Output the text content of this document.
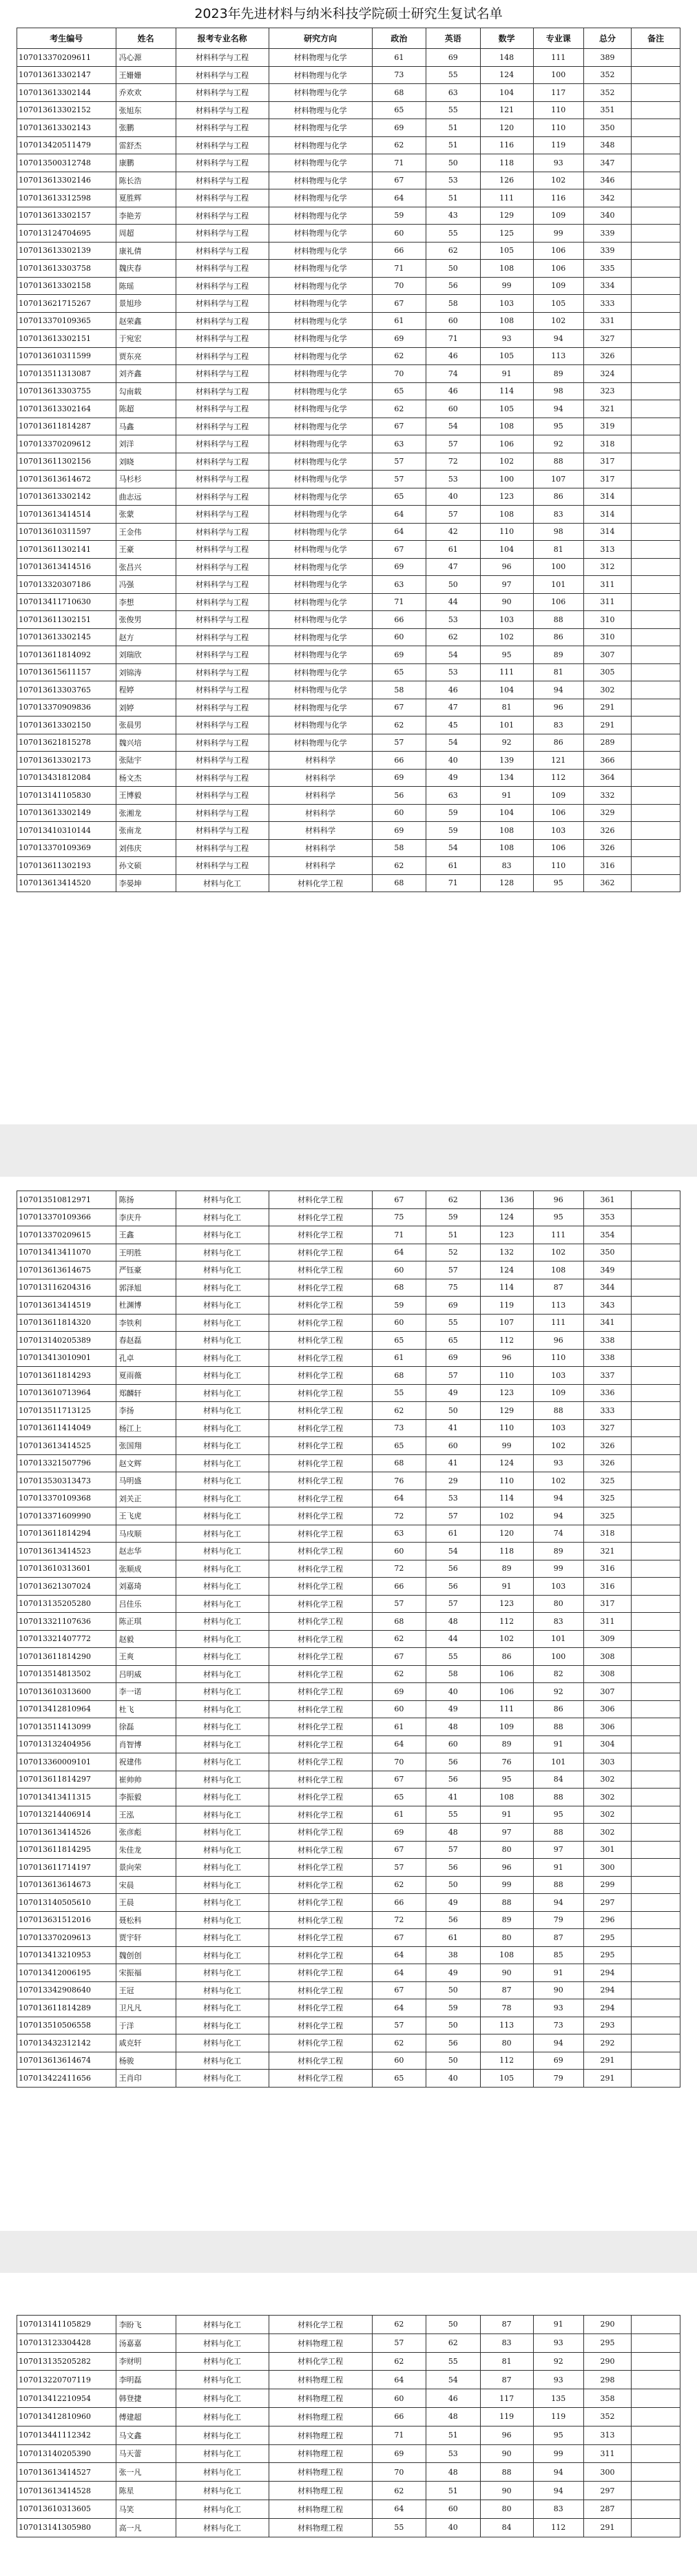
2023年先进材料与纳米科技学院硕士研究生复试名单
考生编号	姓名	报考专业名称	研究方向	政治	英语	数学	专业课	总分	备注
107013370209611	冯心源	材料科学与工程	材料物理与化学	61	69	148	111	389	
107013613302147	王姗姗	材料科学与工程	材料物理与化学	73	55	124	100	352	
107013613302144	乔欢欢	材料科学与工程	材料物理与化学	68	63	104	117	352	
107013613302152	张旭东	材料科学与工程	材料物理与化学	65	55	121	110	351	
107013613302143	张鹏	材料科学与工程	材料物理与化学	69	51	120	110	350	
107013420511479	雷舒杰	材料科学与工程	材料物理与化学	62	51	116	119	348	
107013500312748	康鹏	材料科学与工程	材料物理与化学	71	50	118	93	347	
107013613302146	陈长浩	材料科学与工程	材料物理与化学	67	53	126	102	346	
107013613312598	夏胜辉	材料科学与工程	材料物理与化学	64	51	111	116	342	
107013613302157	李艳芳	材料科学与工程	材料物理与化学	59	43	129	109	340	
107013124704695	周超	材料科学与工程	材料物理与化学	60	55	125	99	339	
107013613302139	康礼倩	材料科学与工程	材料物理与化学	66	62	105	106	339	
107013613303758	魏庆春	材料科学与工程	材料物理与化学	71	50	108	106	335	
107013613302158	陈瑶	材料科学与工程	材料物理与化学	70	56	99	109	334	
107013621715267	景旭珍	材料科学与工程	材料物理与化学	67	58	103	105	333	
107013370109365	赵荣鑫	材料科学与工程	材料物理与化学	61	60	108	102	331	
107013613302151	于宛宏	材料科学与工程	材料物理与化学	69	71	93	94	327	
107013610311599	贾东亮	材料科学与工程	材料物理与化学	62	46	105	113	326	
107013511313087	刘齐鑫	材料科学与工程	材料物理与化学	70	74	91	89	324	
107013613303755	勾南载	材料科学与工程	材料物理与化学	65	46	114	98	323	
107013613302164	陈超	材料科学与工程	材料物理与化学	62	60	105	94	321	
107013611814287	马鑫	材料科学与工程	材料物理与化学	67	54	108	95	319	
107013370209612	刘洋	材料科学与工程	材料物理与化学	63	57	106	92	318	
107013611302156	刘晓	材料科学与工程	材料物理与化学	57	72	102	88	317	
107013613614672	马杉杉	材料科学与工程	材料物理与化学	57	53	100	107	317	
107013613302142	曲志远	材料科学与工程	材料物理与化学	65	40	123	86	314	
107013613414514	张蒙	材料科学与工程	材料物理与化学	64	57	108	83	314	
107013610311597	王金伟	材料科学与工程	材料物理与化学	64	42	110	98	314	
107013611302141	王豪	材料科学与工程	材料物理与化学	67	61	104	81	313	
107013613414516	张昌兴	材料科学与工程	材料物理与化学	69	47	96	100	312	
107013320307186	冯强	材料科学与工程	材料物理与化学	63	50	97	101	311	
107013411710630	李想	材料科学与工程	材料物理与化学	71	44	90	106	311	
107013611302151	张俊男	材料科学与工程	材料物理与化学	66	53	103	88	310	
107013613302145	赵方	材料科学与工程	材料物理与化学	60	62	102	86	310	
107013611814092	刘瑞欣	材料科学与工程	材料物理与化学	69	54	95	89	307	
107013615611157	刘锦涛	材料科学与工程	材料物理与化学	65	53	111	81	305	
107013613303765	程婷	材料科学与工程	材料物理与化学	58	46	104	94	302	
107013370909836	刘婷	材料科学与工程	材料物理与化学	67	47	81	96	291	
107013613302150	张晨男	材料科学与工程	材料物理与化学	62	45	101	83	291	
107013621815278	魏兴培	材料科学与工程	材料物理与化学	57	54	92	86	289	
107013613302173	张陆宇	材料科学与工程	材料科学	66	40	139	121	366	
107013431812084	杨文杰	材料科学与工程	材料科学	69	49	134	112	364	
107013141105830	王博毅	材料科学与工程	材料科学	56	63	91	109	332	
107013613302149	张湘龙	材料科学与工程	材料科学	60	59	104	106	329	
107013410310144	张南龙	材料科学与工程	材料科学	69	59	108	103	326	
107013370109369	刘伟庆	材料科学与工程	材料科学	58	54	108	106	326	
107013611302193	孙文硕	材料科学与工程	材料科学	62	61	83	110	316	
107013613414520	李晏坤	材料与化工	材料化学工程	68	71	128	95	362	
107013510812971	陈扬	材料与化工	材料化学工程	67	62	136	96	361	
107013370109366	李庆升	材料与化工	材料化学工程	75	59	124	95	353	
107013370209615	王鑫	材料与化工	材料化学工程	71	51	123	111	354	
107013413411070	王明胜	材料与化工	材料化学工程	64	52	132	102	350	
107013613614675	严钰豪	材料与化工	材料化学工程	60	57	124	108	349	
107013116204316	郭泽旭	材料与化工	材料化学工程	68	75	114	87	344	
107013613414519	杜渊博	材料与化工	材料化学工程	59	69	119	113	343	
107013611814320	李铁利	材料与化工	材料化学工程	60	55	107	111	341	
107013140205389	春赵磊	材料与化工	材料化学工程	65	65	112	96	338	
107013413010901	孔卓	材料与化工	材料化学工程	61	69	96	110	338	
107013611814293	夏雨薇	材料与化工	材料化学工程	68	57	110	103	337	
107013610713964	郑麟轩	材料与化工	材料化学工程	55	49	123	109	336	
107013511713125	李扬	材料与化工	材料化学工程	62	50	129	88	333	
107013611414049	杨江上	材料与化工	材料化学工程	73	41	110	103	327	
107013613414525	张国翔	材料与化工	材料化学工程	65	60	99	102	326	
107013321507796	赵文辉	材料与化工	材料化学工程	68	41	124	93	326	
107013530313473	马明盛	材料与化工	材料化学工程	76	29	110	102	325	
107013370109368	刘关正	材料与化工	材料化学工程	64	53	114	94	325	
107013371609990	王飞虎	材料与化工	材料化学工程	72	57	102	94	325	
107013611814294	马戌顺	材料与化工	材料化学工程	63	61	120	74	318	
107013613414523	赵志华	材料与化工	材料化学工程	60	54	118	89	321	
107013610313601	张顺成	材料与化工	材料化学工程	72	56	89	99	316	
107013621307024	刘嘉琦	材料与化工	材料化学工程	66	56	91	103	316	
107013135205280	吕佳乐	材料与化工	材料化学工程	57	57	123	80	317	
107013321107636	陈正琪	材料与化工	材料化学工程	68	48	112	83	311	
107013321407772	赵毅	材料与化工	材料化学工程	62	44	102	101	309	
107013611814290	王爽	材料与化工	材料化学工程	67	55	86	100	308	
107013514813502	吕明威	材料与化工	材料化学工程	62	58	106	82	308	
107013610313600	李一诺	材料与化工	材料化学工程	69	40	106	92	307	
107013412810964	杜飞	材料与化工	材料化学工程	60	49	111	86	306	
107013511413099	徐磊	材料与化工	材料化学工程	61	48	109	88	306	
107013132404956	肖智博	材料与化工	材料化学工程	64	60	89	91	304	
107013360009101	祝建伟	材料与化工	材料化学工程	70	56	76	101	303	
107013611814297	崔帅帅	材料与化工	材料化学工程	67	56	95	84	302	
107013413411315	李振毅	材料与化工	材料化学工程	65	41	108	88	302	
107013214406914	王泓	材料与化工	材料化学工程	61	55	91	95	302	
107013613414526	张彦彪	材料与化工	材料化学工程	69	48	97	88	302	
107013611814295	朱佳龙	材料与化工	材料化学工程	67	57	80	97	301	
107013611714197	景向荣	材料与化工	材料化学工程	57	56	96	91	300	
107013613614673	宋晨	材料与化工	材料化学工程	62	50	99	88	299	
107013140505610	王晨	材料与化工	材料化学工程	66	49	88	94	297	
107013631512016	聂松科	材料与化工	材料化学工程	72	56	89	79	296	
107013370209613	贾宇轩	材料与化工	材料化学工程	67	61	80	87	295	
107013413210953	魏创创	材料与化工	材料化学工程	64	38	108	85	295	
107013412006195	宋振福	材料与化工	材料化学工程	64	49	90	91	294	
107013342908640	王冠	材料与化工	材料化学工程	67	50	87	90	294	
107013611814289	卫凡凡	材料与化工	材料化学工程	64	59	78	93	294	
107013510506558	于洋	材料与化工	材料化学工程	57	50	113	73	293	
107013432312142	戚克轩	材料与化工	材料化学工程	62	56	80	94	292	
107013613614674	杨骏	材料与化工	材料化学工程	60	50	112	69	291	
107013422411656	王肖印	材料与化工	材料化学工程	65	40	105	79	291	
107013141105829	李盼飞	材料与化工	材料化学工程	62	50	87	91	290	
107013123304428	汤嘉嘉	材料与化工	材料物理工程	57	62	83	93	295	
107013135205282	李财明	材料与化工	材料化学工程	62	55	81	92	290	
107013220707119	李明磊	材料与化工	材料物理工程	64	54	87	93	298	
107013412210954	韩登捷	材料与化工	材料物理工程	60	46	117	135	358	
107013412810960	傅建超	材料与化工	材料物理工程	66	48	119	119	352	
107013441112342	马文鑫	材料与化工	材料物理工程	71	51	96	95	313	
107013140205390	马天蕾	材料与化工	材料物理工程	69	53	90	99	311	
107013613414527	张一凡	材料与化工	材料物理工程	70	48	88	94	300	
107013613414528	陈星	材料与化工	材料物理工程	62	51	90	94	297	
107013610313605	马笑	材料与化工	材料物理工程	64	60	80	83	287	
107013141305980	高一凡	材料与化工	材料物理工程	55	40	84	112	291	
